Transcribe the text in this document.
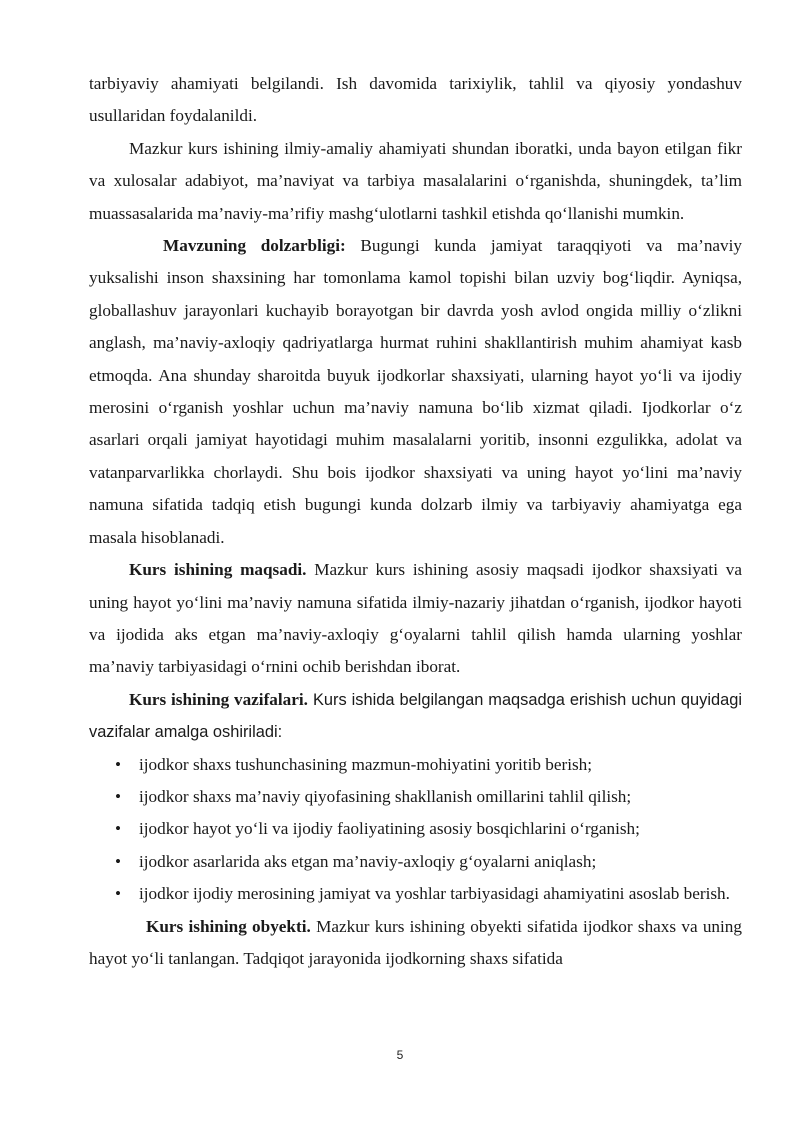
tarbiyaviy ahamiyati belgilandi. Ish davomida tarixiylik, tahlil va qiyosiy yondashuv usullaridan foydalanildi.

Mazkur kurs ishining ilmiy-amaliy ahamiyati shundan iboratki, unda bayon etilgan fikr va xulosalar adabiyot, ma’naviyat va tarbiya masalalarini o‘rganishda, shuningdek, ta’lim muassasalarida ma’naviy-ma’rifiy mashg‘ulotlarni tashkil etishda qo‘llanishi mumkin.

Mavzuning dolzarbligi: Bugungi kunda jamiyat taraqqiyoti va ma’naviy yuksalishi inson shaxsining har tomonlama kamol topishi bilan uzviy bog‘liqdir. Ayniqsa, globallashuv jarayonlari kuchayib borayotgan bir davrda yosh avlod ongida milliy o‘zlikni anglash, ma’naviy-axloqiy qadriyatlarga hurmat ruhini shakllantirish muhim ahamiyat kasb etmoqda. Ana shunday sharoitda buyuk ijodkorlar shaxsiyati, ularning hayot yo‘li va ijodiy merosini o‘rganish yoshlar uchun ma’naviy namuna bo‘lib xizmat qiladi. Ijodkorlar o‘z asarlari orqali jamiyat hayotidagi muhim masalalarni yoritib, insonni ezgulikka, adolat va vatanparvarlikka chorlaydi. Shu bois ijodkor shaxsiyati va uning hayot yo‘lini ma’naviy namuna sifatida tadqiq etish bugungi kunda dolzarb ilmiy va tarbiyaviy ahamiyatga ega masala hisoblanadi.

Kurs ishining maqsadi. Mazkur kurs ishining asosiy maqsadi ijodkor shaxsiyati va uning hayot yo‘lini ma’naviy namuna sifatida ilmiy-nazariy jihatdan o‘rganish, ijodkor hayoti va ijodida aks etgan ma’naviy-axloqiy g‘oyalarni tahlil qilish hamda ularning yoshlar ma’naviy tarbiyasidagi o‘rnini ochib berishdan iborat.

Kurs ishining vazifalari. Kurs ishida belgilangan maqsadga erishish uchun quyidagi vazifalar amalga oshiriladi:

• ijodkor shaxs tushunchasining mazmun-mohiyatini yoritib berish;
• ijodkor shaxs ma’naviy qiyofasining shakllanish omillarini tahlil qilish;
• ijodkor hayot yo‘li va ijodiy faoliyatining asosiy bosqichlarini o‘rganish;
• ijodkor asarlarida aks etgan ma’naviy-axloqiy g‘oyalarni aniqlash;
• ijodkor ijodiy merosining jamiyat va yoshlar tarbiyasidagi ahamiyatini asoslab berish.

Kurs ishining obyekti. Mazkur kurs ishining obyekti sifatida ijodkor shaxs va uning hayot yo‘li tanlangan. Tadqiqot jarayonida ijodkorning shaxs sifatida

5
